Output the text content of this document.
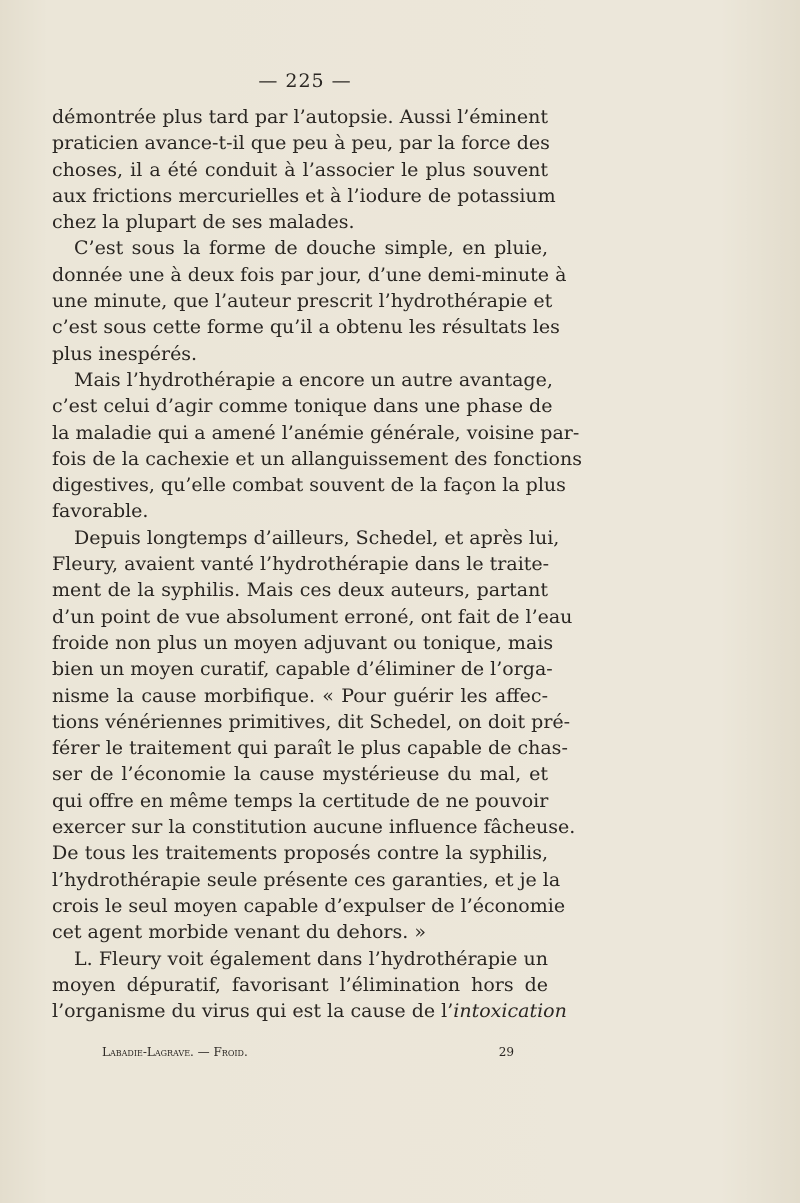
— 225 —
démontrée plus tard par l’autopsie. Aussi l’éminent
praticien avance-t-il que peu à peu, par la force des
choses, il a été conduit à l’associer le plus souvent
aux frictions mercurielles et à l’iodure de potassium
chez la plupart de ses malades.
C’est sous la forme de douche simple, en pluie,
donnée une à deux fois par jour, d’une demi-minute à
une minute, que l’auteur prescrit l’hydrothérapie et
c’est sous cette forme qu’il a obtenu les résultats les
plus inespérés.
Mais l’hydrothérapie a encore un autre avantage,
c’est celui d’agir comme tonique dans une phase de
la maladie qui a amené l’anémie générale, voisine par-
fois de la cachexie et un allanguissement des fonctions
digestives, qu’elle combat souvent de la façon la plus
favorable.
Depuis longtemps d’ailleurs, Schedel, et après lui,
Fleury, avaient vanté l’hydrothérapie dans le traite-
ment de la syphilis. Mais ces deux auteurs, partant
d’un point de vue absolument erroné, ont fait de l’eau
froide non plus un moyen adjuvant ou tonique, mais
bien un moyen curatif, capable d’éliminer de l’orga-
nisme la cause morbifique. « Pour guérir les affec-
tions vénériennes primitives, dit Schedel, on doit pré-
férer le traitement qui paraît le plus capable de chas-
ser de l’économie la cause mystérieuse du mal, et
qui offre en même temps la certitude de ne pouvoir
exercer sur la constitution aucune influence fâcheuse.
De tous les traitements proposés contre la syphilis,
l’hydrothérapie seule présente ces garanties, et je la
crois le seul moyen capable d’expulser de l’économie
cet agent morbide venant du dehors. »
L. Fleury voit également dans l’hydrothérapie un
moyen dépuratif, favorisant l’élimination hors de
l’organisme du virus qui est la cause de l’intoxication
Labadie-Lagrave. — Froid.	29
